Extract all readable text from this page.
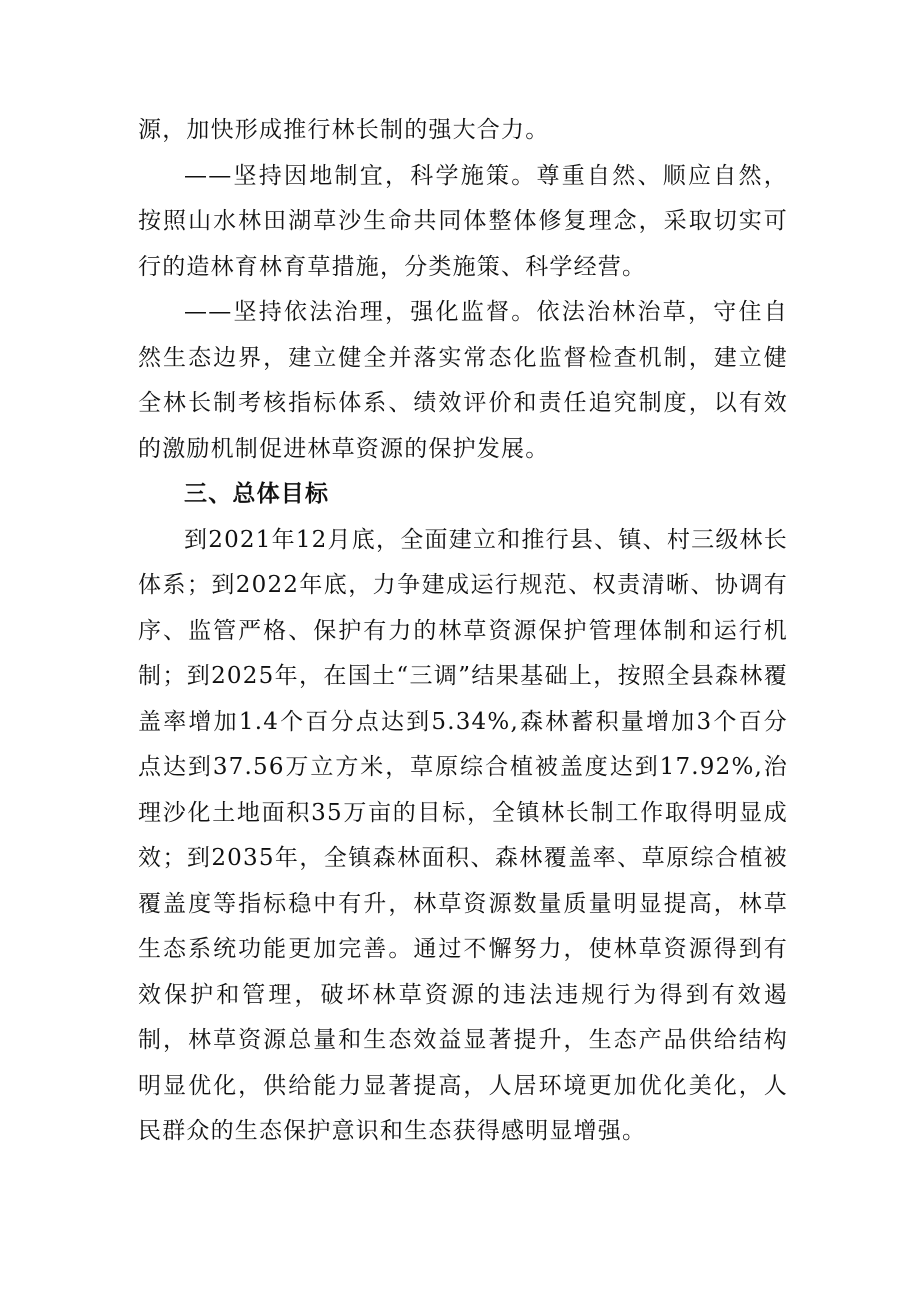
源，加快形成推行林长制的强大合力。

——坚持因地制宜，科学施策。尊重自然、顺应自然，按照山水林田湖草沙生命共同体整体修复理念，采取切实可行的造林育林育草措施，分类施策、科学经营。

——坚持依法治理，强化监督。依法治林治草，守住自然生态边界，建立健全并落实常态化监督检查机制，建立健全林长制考核指标体系、绩效评价和责任追究制度，以有效的激励机制促进林草资源的保护发展。

三、总体目标

到2021年12月底，全面建立和推行县、镇、村三级林长体系；到2022年底，力争建成运行规范、权责清晰、协调有序、监管严格、保护有力的林草资源保护管理体制和运行机制；到2025年，在国土“三调”结果基础上，按照全县森林覆盖率增加1.4个百分点达到5.34%,森林蓄积量增加3个百分点达到37.56万立方米，草原综合植被盖度达到17.92%,治理沙化土地面积35万亩的目标，全镇林长制工作取得明显成效；到2035年，全镇森林面积、森林覆盖率、草原综合植被覆盖度等指标稳中有升，林草资源数量质量明显提高，林草生态系统功能更加完善。通过不懈努力，使林草资源得到有效保护和管理，破坏林草资源的违法违规行为得到有效遏制，林草资源总量和生态效益显著提升，生态产品供给结构明显优化，供给能力显著提高，人居环境更加优化美化，人民群众的生态保护意识和生态获得感明显增强。
